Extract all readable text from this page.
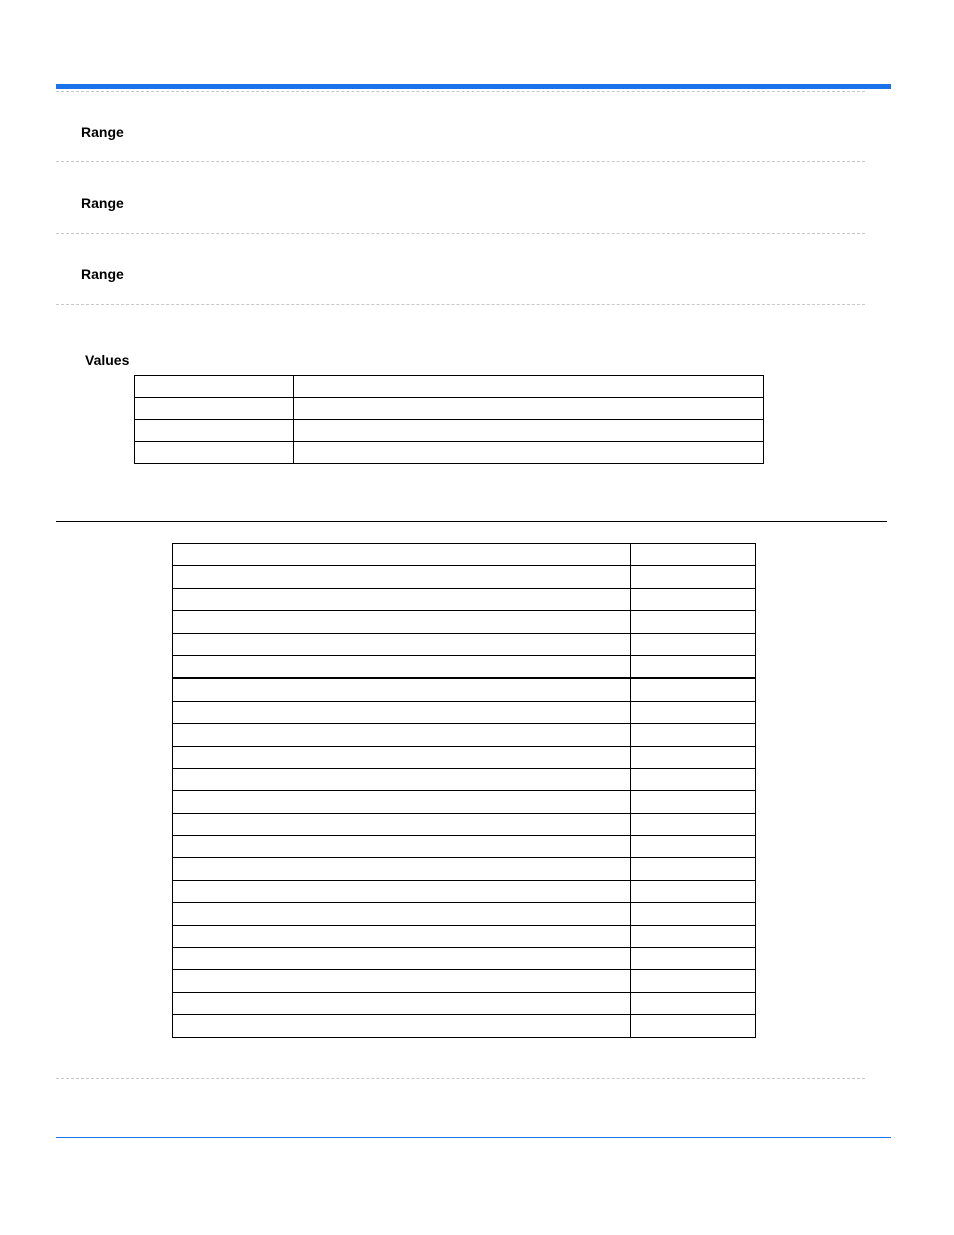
Range
Range
Range
Values
